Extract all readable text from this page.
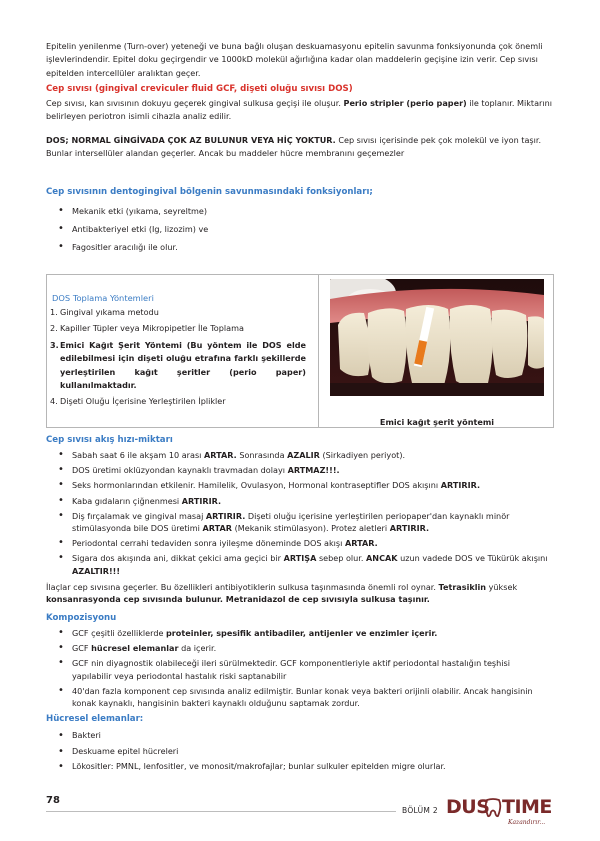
Epitelin yenilenme (Turn-over) yeteneği ve buna bağlı oluşan deskuamasyonu epitelin savunma fonksiyonunda çok önemli işlevlerindendir. Epitel doku geçirgendir ve 1000kD molekül ağırlığına kadar olan maddelerin geçişine izin verir. Cep sıvısı epitelden intercellüler aralıktan geçer.

Cep sıvısı (gingival creviculer fluid GCF, dişeti oluğu sıvısı DOS)

Cep sıvısı, kan sıvısının dokuyu geçerek gingival sulkusa geçişi ile oluşur. Perio stripler (perio paper) ile toplanır. Miktarını belirleyen periotron isimli cihazla analiz edilir.

DOS; NORMAL GİNGİVADA ÇOK AZ BULUNUR VEYA HİÇ YOKTUR. Cep sıvısı içerisinde pek çok molekül ve iyon taşır. Bunlar intersellüler alandan geçerler. Ancak bu maddeler hücre membranını geçemezler

Cep sıvısının dentogingival bölgenin savunmasındaki fonksiyonları;

• Mekanik etki (yıkama, seyreltme)
• Antibakteriyel etki (Ig, lizozim) ve
• Fagositler aracılığı ile olur.

DOS Toplama Yöntemleri

1. Gingival yıkama metodu
2. Kapiller Tüpler veya Mikropipetler İle Toplama
3. Emici Kağıt Şerit Yöntemi (Bu yöntem ile DOS elde edilebilmesi için dişeti oluğu etrafına farklı şekillerde yerleştirilen kağıt şeritler (perio paper) kullanılmaktadır.
4. Dişeti Oluğu İçerisine Yerleştirilen İplikler

Emici kağıt şerit yöntemi

Cep sıvısı akış hızı-miktarı

• Sabah saat 6 ile akşam 10 arası ARTAR. Sonrasında AZALIR (Sirkadiyen periyot).
• DOS üretimi oklüzyondan kaynaklı travmadan dolayı ARTMAZ!!!.
• Seks hormonlarından etkilenir. Hamilelik, Ovulasyon, Hormonal kontraseptifler DOS akışını ARTIRIR.
• Kaba gıdaların çiğnenmesi ARTIRIR.
• Diş fırçalamak ve gingival masaj ARTIRIR. Dişeti oluğu içerisine yerleştirilen periopaper'dan kaynaklı minör stimülasyonda bile DOS üretimi ARTAR (Mekanik stimülasyon). Protez aletleri ARTIRIR.
• Periodontal cerrahi tedaviden sonra iyileşme döneminde DOS akışı ARTAR.
• Sigara dos akışında ani, dikkat çekici ama geçici bir ARTIŞA sebep olur. ANCAK uzun vadede DOS ve Tükürük akışını AZALTIR!!!

İlaçlar cep sıvısına geçerler. Bu özellikleri antibiyotiklerin sulkusa taşınmasında önemli rol oynar. Tetrasiklin yüksek konsanrasyonda cep sıvısında bulunur. Metranidazol de cep sıvısıyla sulkusa taşınır.

Kompozisyonu

• GCF çeşitli özelliklerde proteinler, spesifik antibadiler, antijenler ve enzimler içerir.
• GCF hücresel elemanlar da içerir.
• GCF nin diyagnostik olabileceği ileri sürülmektedir. GCF komponentleriyle aktif periodontal hastalığın teşhisi yapılabilir veya periodontal hastalık riski saptanabilir
• 40'dan fazla komponent cep sıvısında analiz edilmiştir. Bunlar konak veya bakteri orijinli olabilir. Ancak hangisinin konak kaynaklı, hangisinin bakteri kaynaklı olduğunu saptamak zordur.

Hücresel elemanlar:

• Bakteri
• Deskuame epitel hücreleri
• Lökositler: PMNL, lenfositler, ve monosit/makrofajlar; bunlar sulkuler epitelden migre olurlar.
78
BÖLÜM 2 DUS TIME
Kazandırır...
